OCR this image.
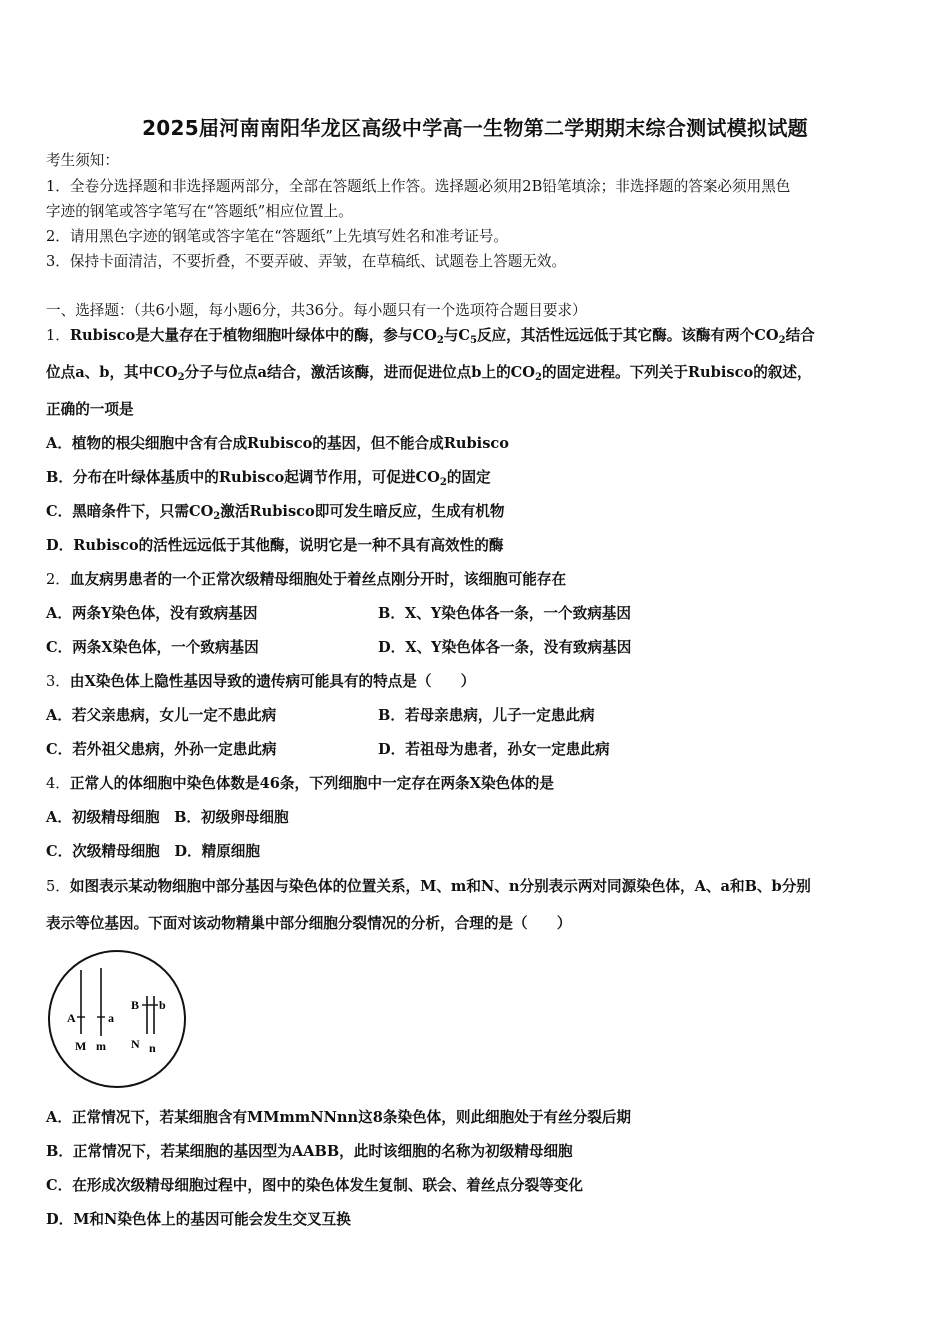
2025届河南南阳华龙区高级中学高一生物第二学期期末综合测试模拟试题
考生须知：
1．全卷分选择题和非选择题两部分，全部在答题纸上作答。选择题必须用2B铅笔填涂；非选择题的答案必须用黑色
字迹的钢笔或答字笔写在“答题纸”相应位置上。
2．请用黑色字迹的钢笔或答字笔在“答题纸”上先填写姓名和准考证号。
3．保持卡面清洁，不要折叠，不要弄破、弄皱，在草稿纸、试题卷上答题无效。
一、选择题：（共6小题，每小题6分，共36分。每小题只有一个选项符合题目要求）
1．Rubisco是大量存在于植物细胞叶绿体中的酶，参与$CO_2$与$C_5$反应，其活性远远低于其它酶。该酶有两个$CO_2$结合
位点a、b，其中$CO_2$分子与位点a结合，激活该酶，进而促进位点b上的$CO_2$的固定进程。下列关于Rubisco的叙述，
正确的一项是
A．植物的根尖细胞中含有合成Rubisco的基因，但不能合成Rubisco
B．分布在叶绿体基质中的Rubisco起调节作用，可促进$CO_2$的固定
C．黑暗条件下，只需$CO_2$激活Rubisco即可发生暗反应，生成有机物
D．Rubisco的活性远远低于其他酶，说明它是一种不具有高效性的酶
2．血友病男患者的一个正常次级精母细胞处于着丝点刚分开时，该细胞可能存在
A．两条Y染色体，没有致病基因	B．X、Y染色体各一条，一个致病基因
C．两条X染色体，一个致病基因	D．X、Y染色体各一条，没有致病基因
3．由X染色体上隐性基因导致的遗传病可能具有的特点是（　　）
A．若父亲患病，女儿一定不患此病	B．若母亲患病，儿子一定患此病
C．若外祖父患病，外孙一定患此病	D．若祖母为患者，孙女一定患此病
4．正常人的体细胞中染色体数是46条，下列细胞中一定存在两条X染色体的是
A．初级精母细胞　B．初级卵母细胞
C．次级精母细胞　D．精原细胞
5．如图表示某动物细胞中部分基因与染色体的位置关系，M、m和N、n分别表示两对同源染色体，A、a和B、b分别
表示等位基因。下面对该动物精巢中部分细胞分裂情况的分析，合理的是（　　）
A	a
B b
M m N n
A．正常情况下，若某细胞含有MMmmNNnn这8条染色体，则此细胞处于有丝分裂后期
B．正常情况下，若某细胞的基因型为AABB，此时该细胞的名称为初级精母细胞
C．在形成次级精母细胞过程中，图中的染色体发生复制、联会、着丝点分裂等变化
D．M和N染色体上的基因可能会发生交叉互换
